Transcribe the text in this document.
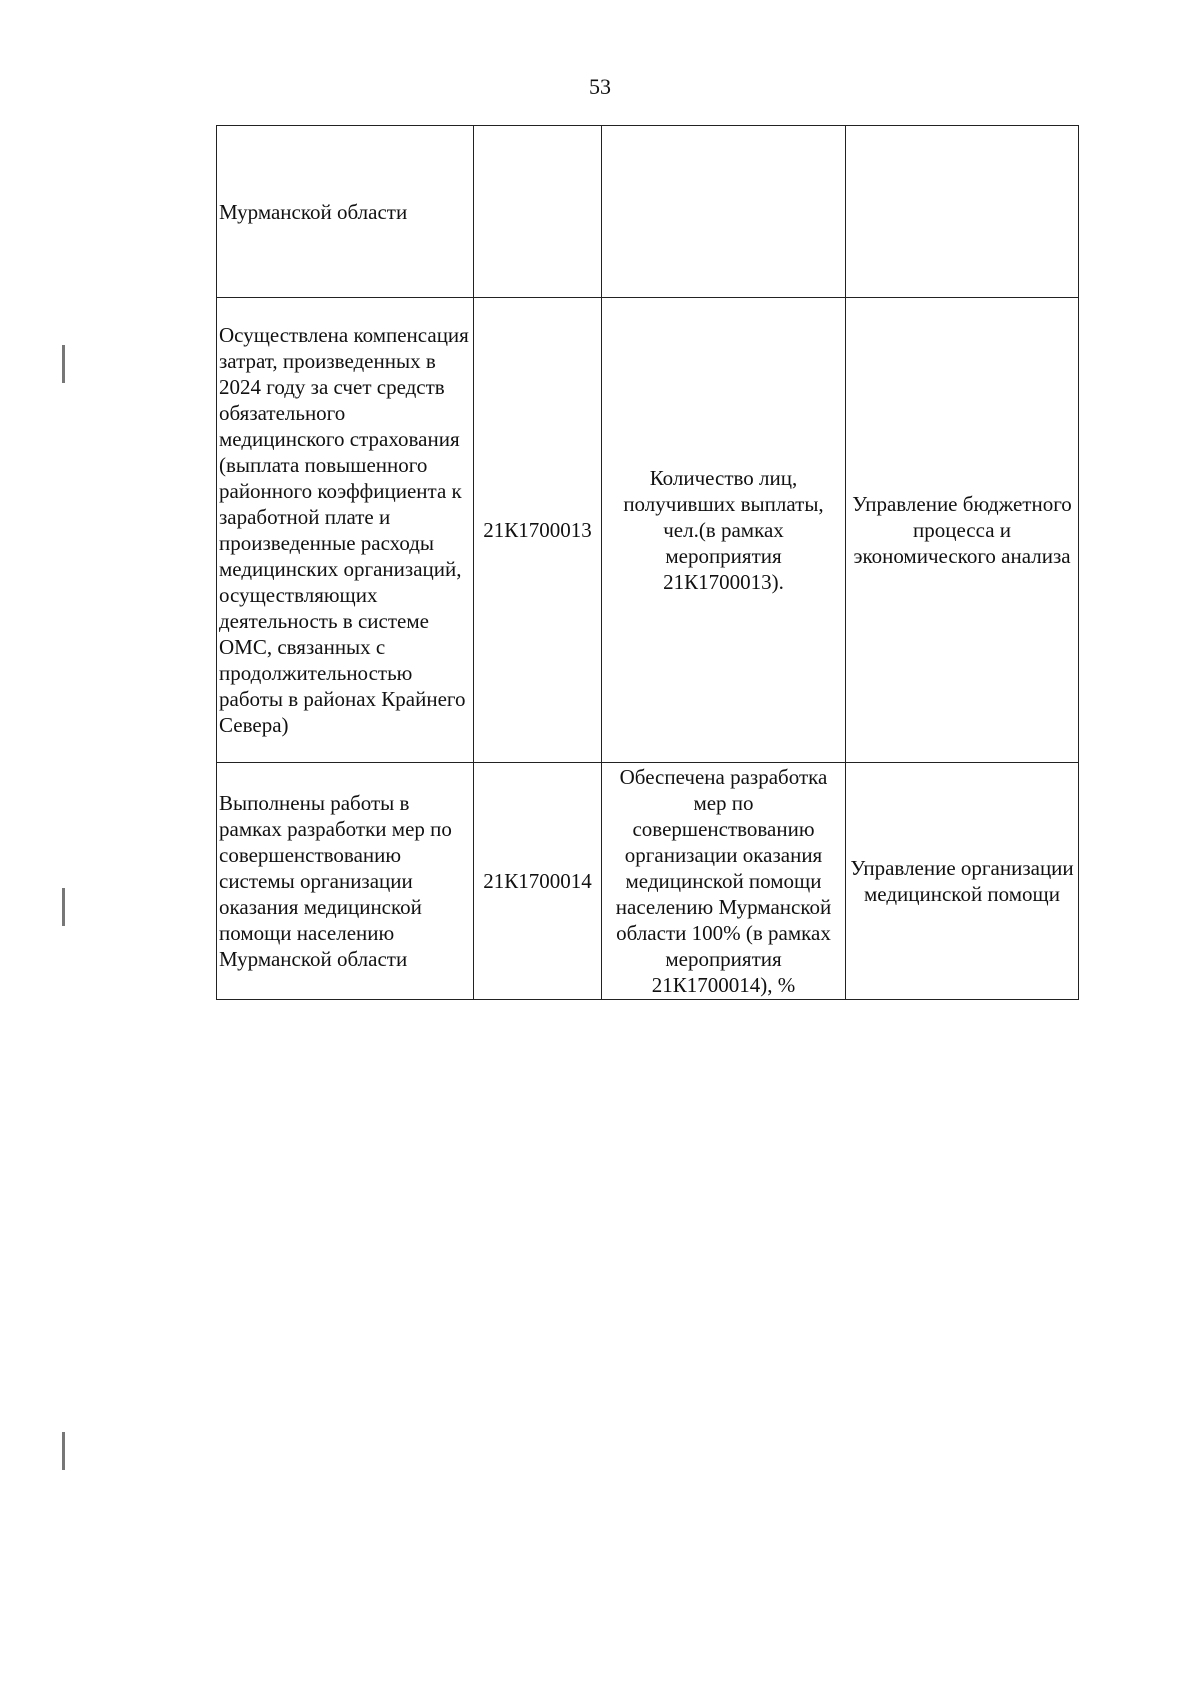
53
Мурманской области			
Осуществлена компенсация затрат, произведенных в 2024 году за счет средств обязательного медицинского страхования (выплата повышенного районного коэффициента к заработной плате и произведенные расходы медицинских организаций, осуществляющих деятельность в системе ОМС, связанных с продолжительностью работы в районах Крайнего Севера)	21К1700013	Количество лиц, получивших выплаты, чел.(в рамках мероприятия 21К1700013).	Управление бюджетного процесса и экономического анализа
Выполнены работы в рамках разработки мер по совершенствованию системы организации оказания медицинской помощи населению Мурманской области	21К1700014	Обеспечена разработка мер по совершенствованию организации оказания медицинской помощи населению Мурманской области 100% (в рамках мероприятия 21К1700014), %	Управление организации медицинской помощи
